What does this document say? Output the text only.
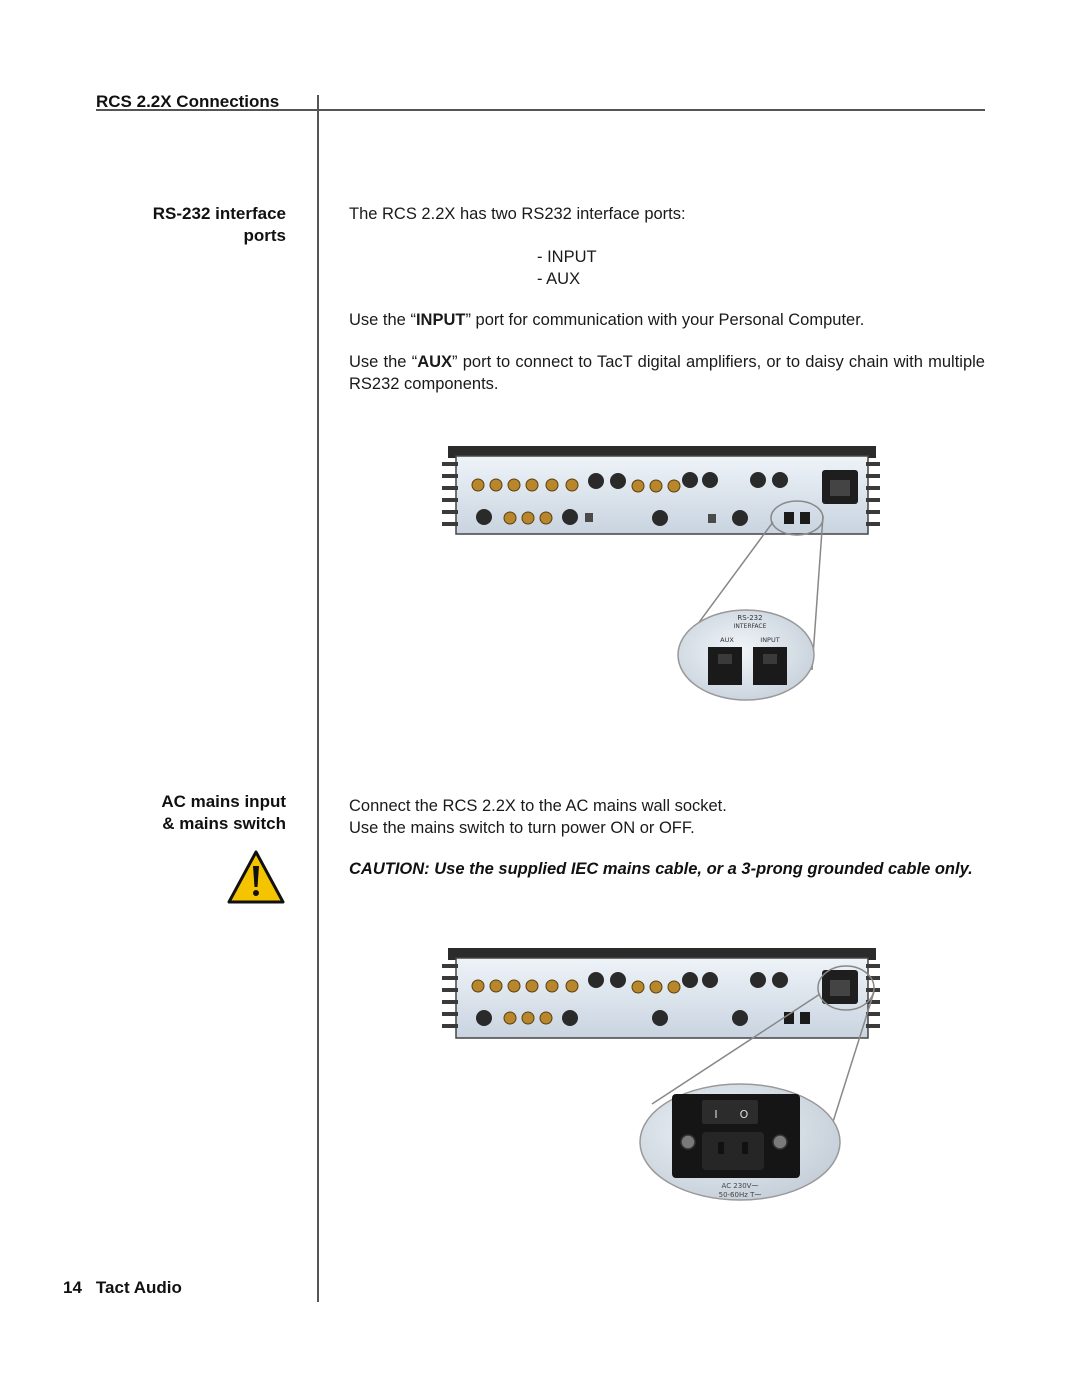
RCS 2.2X Connections
RS-232 interface
ports
The RCS 2.2X has two RS232 interface ports:
- INPUT
- AUX
Use the “INPUT” port for communication with your Personal Computer.
Use the “AUX” port to connect to TacT digital amplifiers, or to daisy chain with multiple RS232 components.
RS-232
INTERFACE
AUX	INPUT
AC mains input
& mains switch
Connect the RCS 2.2X to the AC mains wall socket.
Use the mains switch to turn power ON or OFF.
CAUTION: Use the supplied IEC mains cable, or a 3-prong grounded cable only.
I O
AC 230V⁓
50-60Hz T⁓
14 Tact Audio
